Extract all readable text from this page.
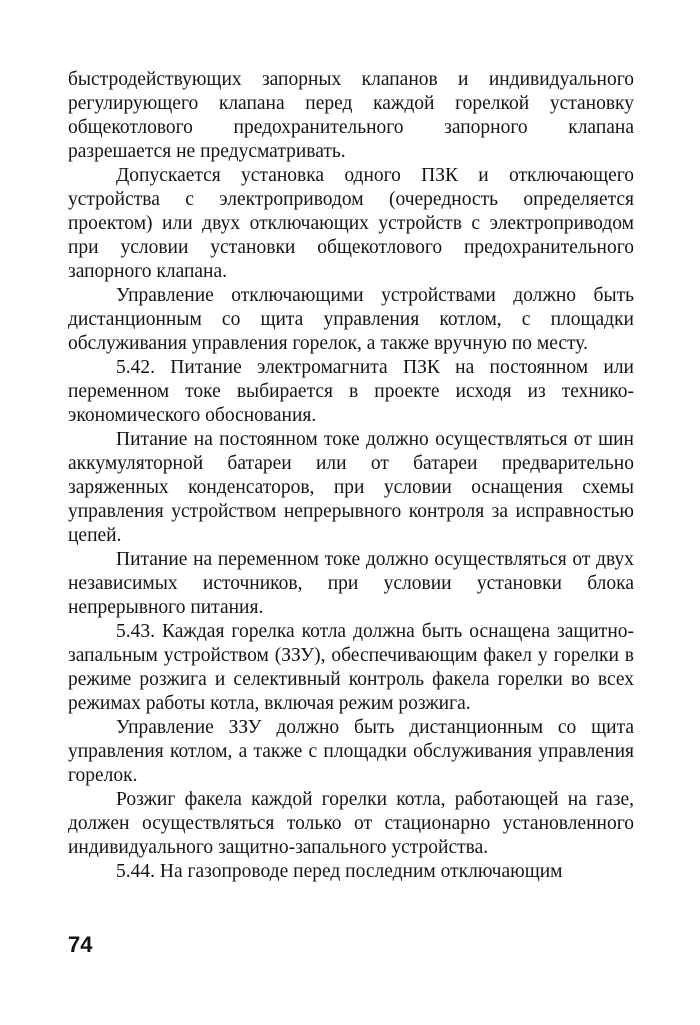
быстродействующих запорных клапанов и индивидуального регулирующего клапана перед каждой горелкой установку общекотлового предохранительного запорного клапана разрешается не предусматривать.

Допускается установка одного ПЗК и отключающего устройства с электроприводом (очередность определяется проектом) или двух отключающих устройств с электроприводом при условии установки общекотлового предохранительного запорного клапана.

Управление отключающими устройствами должно быть дистанционным со щита управления котлом, с площадки обслуживания управления горелок, а также вручную по месту.

5.42. Питание электромагнита ПЗК на постоянном или переменном токе выбирается в проекте исходя из технико-экономического обоснования.

Питание на постоянном токе должно осуществляться от шин аккумуляторной батареи или от батареи предварительно заряженных конденсаторов, при условии оснащения схемы управления устройством непрерывного контроля за исправностью цепей.

Питание на переменном токе должно осуществляться от двух независимых источников, при условии установки блока непрерывного питания.

5.43. Каждая горелка котла должна быть оснащена защитно-запальным устройством (ЗЗУ), обеспечивающим факел у горелки в режиме розжига и селективный контроль факела горелки во всех режимах работы котла, включая режим розжига.

Управление ЗЗУ должно быть дистанционным со щита управления котлом, а также с площадки обслуживания управления горелок.

Розжиг факела каждой горелки котла, работающей на газе, должен осуществляться только от стационарно установленного индивидуального защитно-запального устройства.

5.44. На газопроводе перед последним отключающим

74
